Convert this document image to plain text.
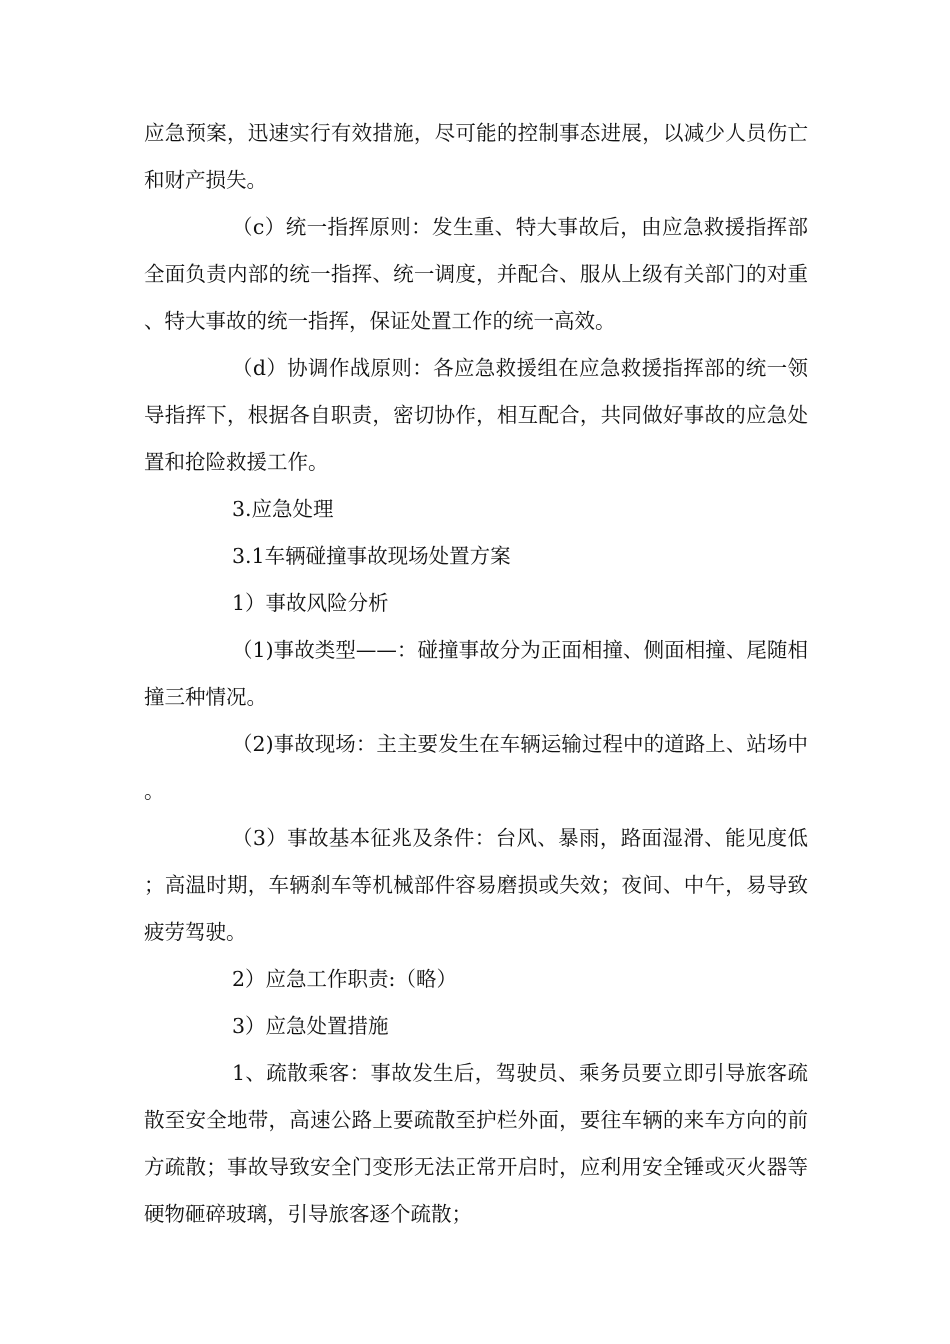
应急预案，迅速实行有效措施，尽可能的控制事态进展，以减少人员伤亡和财产损失。

（c）统一指挥原则：发生重、特大事故后，由应急救援指挥部全面负责内部的统一指挥、统一调度，并配合、服从上级有关部门的对重、特大事故的统一指挥，保证处置工作的统一高效。

（d）协调作战原则：各应急救援组在应急救援指挥部的统一领导指挥下，根据各自职责，密切协作，相互配合，共同做好事故的应急处置和抢险救援工作。

3.应急处理

3.1车辆碰撞事故现场处置方案

1）事故风险分析

（1)事故类型——：碰撞事故分为正面相撞、侧面相撞、尾随相撞三种情况。

（2)事故现场：主主要发生在车辆运输过程中的道路上、站场中。

（3）事故基本征兆及条件：台风、暴雨，路面湿滑、能见度低；高温时期，车辆刹车等机械部件容易磨损或失效；夜间、中午，易导致疲劳驾驶。

2）应急工作职责:（略）

3）应急处置措施

1、疏散乘客：事故发生后，驾驶员、乘务员要立即引导旅客疏散至安全地带，高速公路上要疏散至护栏外面，要往车辆的来车方向的前方疏散；事故导致安全门变形无法正常开启时，应利用安全锤或灭火器等硬物砸碎玻璃，引导旅客逐个疏散；
